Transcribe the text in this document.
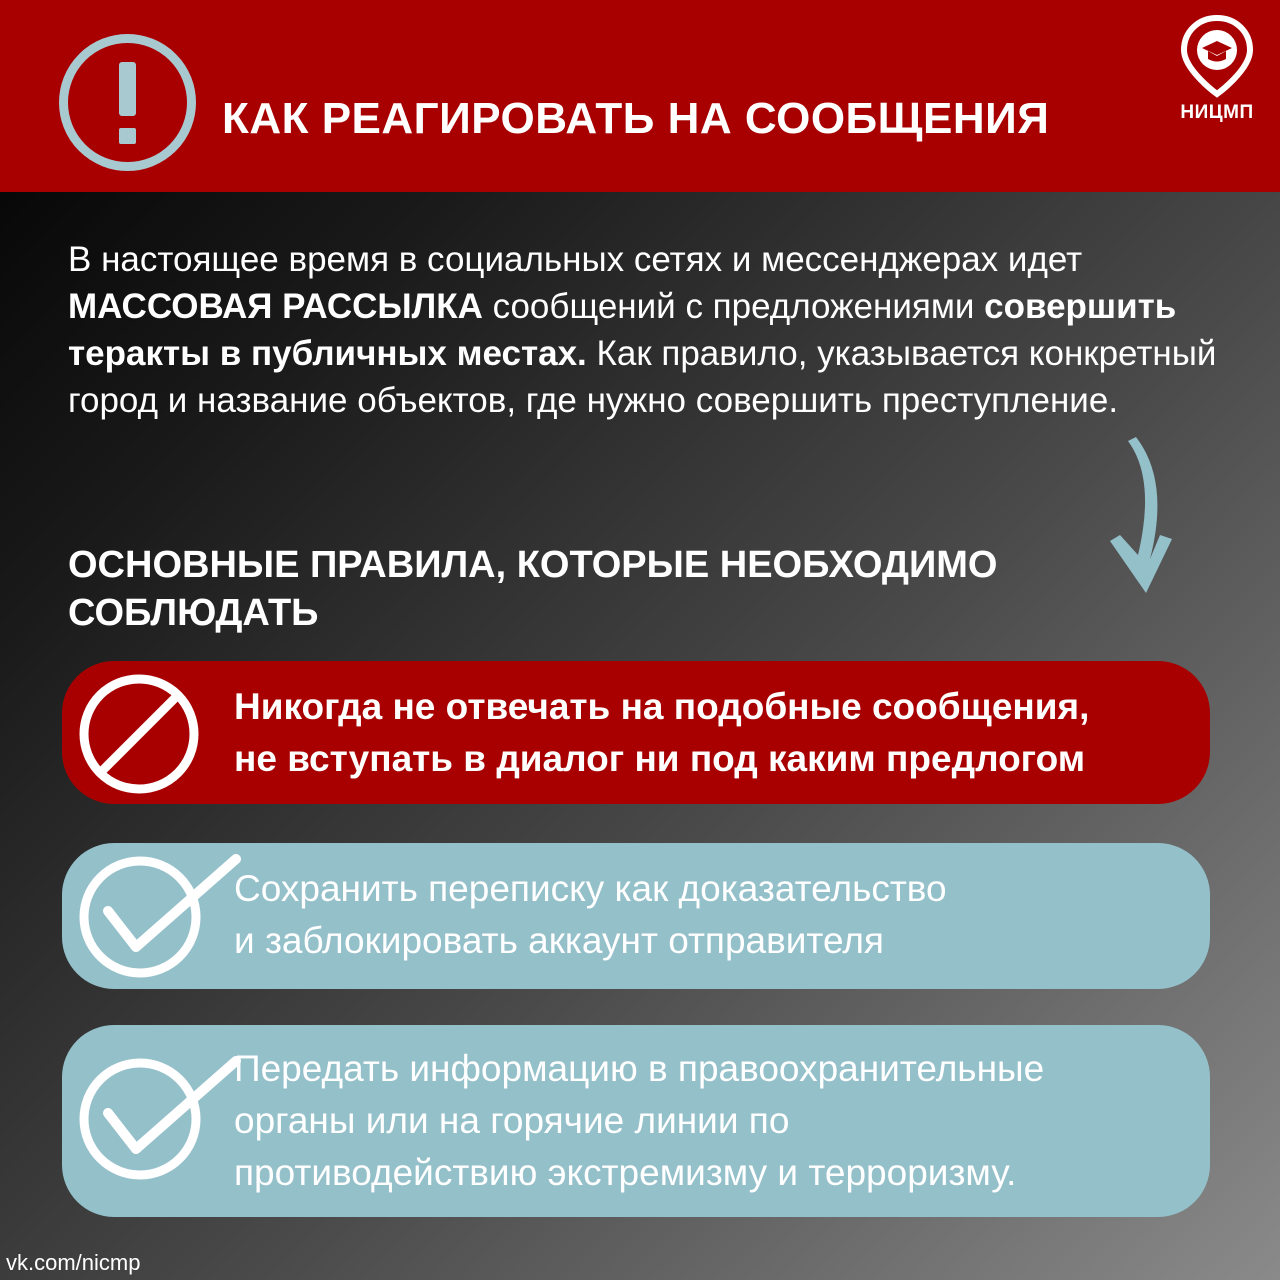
КАК РЕАГИРОВАТЬ НА СООБЩЕНИЯ	НИЦМП
В настоящее время в социальных сетях и мессенджерах идет МАССОВАЯ РАССЫЛКА сообщений с предложениями совершить теракты в публичных местах. Как правило, указывается конкретный город и название объектов, где нужно совершить преступление.
ОСНОВНЫЕ ПРАВИЛА, КОТОРЫЕ НЕОБХОДИМО СОБЛЮДАТЬ
Никогда не отвечать на подобные сообщения,
не вступать в диалог ни под каким предлогом
Сохранить переписку как доказательство
и заблокировать аккаунт отправителя
Передать информацию в правоохранительные
органы или на горячие линии по
противодействию экстремизму и терроризму.
vk.com/nicmp
